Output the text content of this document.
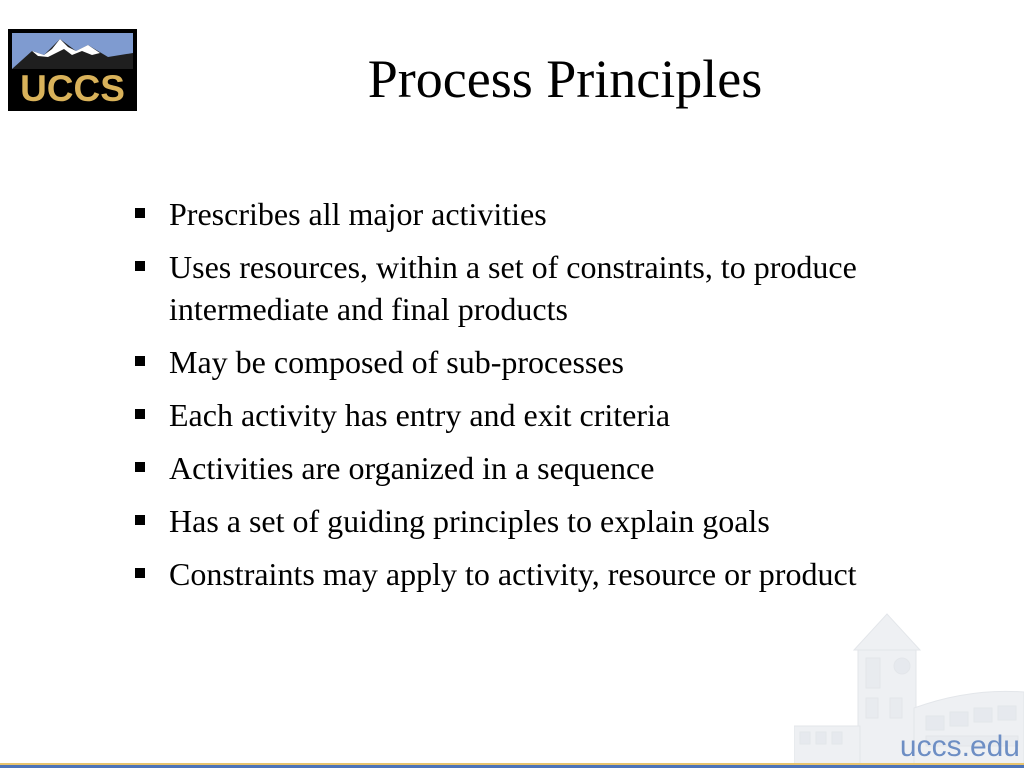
UCCS	Process Principles
Prescribes all major activities
Uses resources, within a set of constraints, to produce intermediate and final products
May be composed of sub-processes
Each activity has entry and exit criteria
Activities are organized in a sequence
Has a set of guiding principles to explain goals
Constraints may apply to activity, resource or product
uccs.edu
